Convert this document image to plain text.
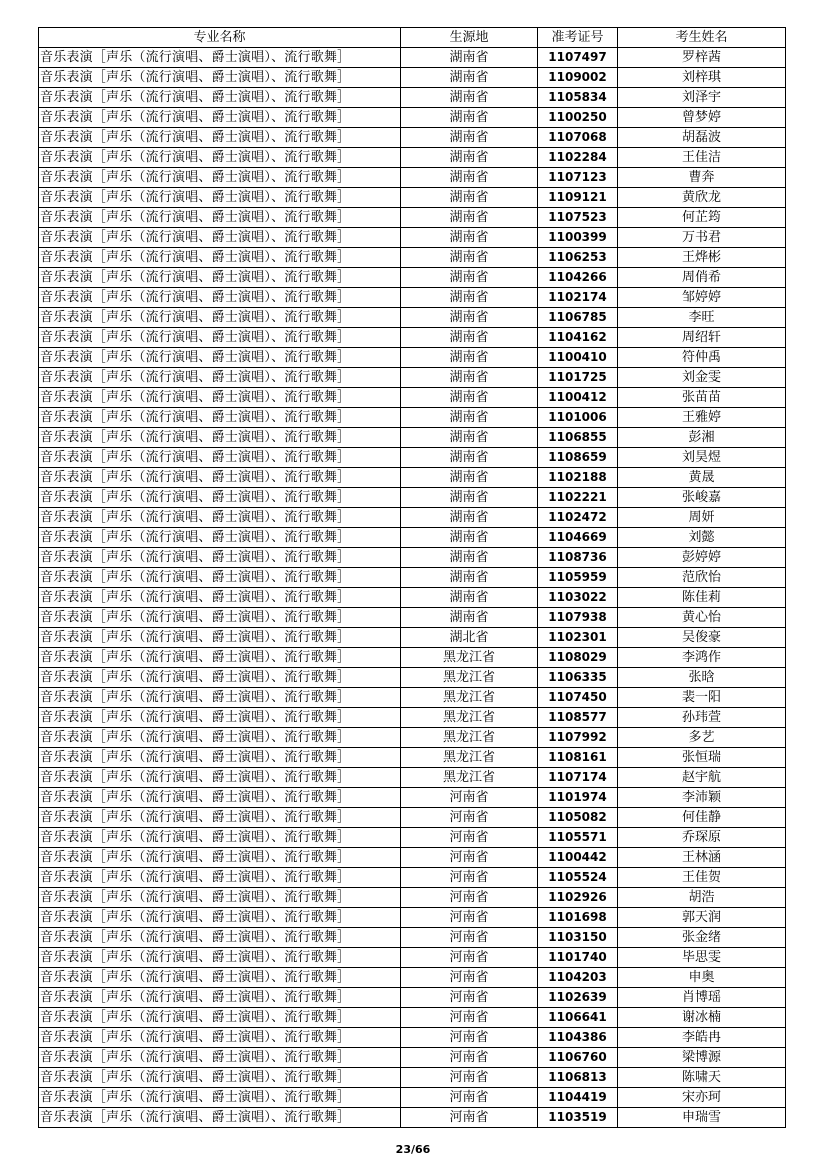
专业名称	生源地	准考证号	考生姓名
音乐表演［声乐（流行演唱、爵士演唱）、流行歌舞］	湖南省	1107497	罗梓茜
音乐表演［声乐（流行演唱、爵士演唱）、流行歌舞］	湖南省	1109002	刘梓琪
音乐表演［声乐（流行演唱、爵士演唱）、流行歌舞］	湖南省	1105834	刘泽宇
音乐表演［声乐（流行演唱、爵士演唱）、流行歌舞］	湖南省	1100250	曾梦婷
音乐表演［声乐（流行演唱、爵士演唱）、流行歌舞］	湖南省	1107068	胡磊波
音乐表演［声乐（流行演唱、爵士演唱）、流行歌舞］	湖南省	1102284	王佳洁
音乐表演［声乐（流行演唱、爵士演唱）、流行歌舞］	湖南省	1107123	曹奔
音乐表演［声乐（流行演唱、爵士演唱）、流行歌舞］	湖南省	1109121	黄欣龙
音乐表演［声乐（流行演唱、爵士演唱）、流行歌舞］	湖南省	1107523	何芷筠
音乐表演［声乐（流行演唱、爵士演唱）、流行歌舞］	湖南省	1100399	万书君
音乐表演［声乐（流行演唱、爵士演唱）、流行歌舞］	湖南省	1106253	王烨彬
音乐表演［声乐（流行演唱、爵士演唱）、流行歌舞］	湖南省	1104266	周俏希
音乐表演［声乐（流行演唱、爵士演唱）、流行歌舞］	湖南省	1102174	邹婷婷
音乐表演［声乐（流行演唱、爵士演唱）、流行歌舞］	湖南省	1106785	李旺
音乐表演［声乐（流行演唱、爵士演唱）、流行歌舞］	湖南省	1104162	周绍轩
音乐表演［声乐（流行演唱、爵士演唱）、流行歌舞］	湖南省	1100410	符仲禹
音乐表演［声乐（流行演唱、爵士演唱）、流行歌舞］	湖南省	1101725	刘金雯
音乐表演［声乐（流行演唱、爵士演唱）、流行歌舞］	湖南省	1100412	张苗苗
音乐表演［声乐（流行演唱、爵士演唱）、流行歌舞］	湖南省	1101006	王雅婷
音乐表演［声乐（流行演唱、爵士演唱）、流行歌舞］	湖南省	1106855	彭湘
音乐表演［声乐（流行演唱、爵士演唱）、流行歌舞］	湖南省	1108659	刘昊煜
音乐表演［声乐（流行演唱、爵士演唱）、流行歌舞］	湖南省	1102188	黄晟
音乐表演［声乐（流行演唱、爵士演唱）、流行歌舞］	湖南省	1102221	张峻嘉
音乐表演［声乐（流行演唱、爵士演唱）、流行歌舞］	湖南省	1102472	周妍
音乐表演［声乐（流行演唱、爵士演唱）、流行歌舞］	湖南省	1104669	刘懿
音乐表演［声乐（流行演唱、爵士演唱）、流行歌舞］	湖南省	1108736	彭婷婷
音乐表演［声乐（流行演唱、爵士演唱）、流行歌舞］	湖南省	1105959	范欣怡
音乐表演［声乐（流行演唱、爵士演唱）、流行歌舞］	湖南省	1103022	陈佳莉
音乐表演［声乐（流行演唱、爵士演唱）、流行歌舞］	湖南省	1107938	黄心怡
音乐表演［声乐（流行演唱、爵士演唱）、流行歌舞］	湖北省	1102301	吴俊豪
音乐表演［声乐（流行演唱、爵士演唱）、流行歌舞］	黑龙江省	1108029	李鸿作
音乐表演［声乐（流行演唱、爵士演唱）、流行歌舞］	黑龙江省	1106335	张晗
音乐表演［声乐（流行演唱、爵士演唱）、流行歌舞］	黑龙江省	1107450	裴一阳
音乐表演［声乐（流行演唱、爵士演唱）、流行歌舞］	黑龙江省	1108577	孙玮萱
音乐表演［声乐（流行演唱、爵士演唱）、流行歌舞］	黑龙江省	1107992	多艺
音乐表演［声乐（流行演唱、爵士演唱）、流行歌舞］	黑龙江省	1108161	张恒瑞
音乐表演［声乐（流行演唱、爵士演唱）、流行歌舞］	黑龙江省	1107174	赵宇航
音乐表演［声乐（流行演唱、爵士演唱）、流行歌舞］	河南省	1101974	李沛颖
音乐表演［声乐（流行演唱、爵士演唱）、流行歌舞］	河南省	1105082	何佳静
音乐表演［声乐（流行演唱、爵士演唱）、流行歌舞］	河南省	1105571	乔琛原
音乐表演［声乐（流行演唱、爵士演唱）、流行歌舞］	河南省	1100442	王林涵
音乐表演［声乐（流行演唱、爵士演唱）、流行歌舞］	河南省	1105524	王佳贺
音乐表演［声乐（流行演唱、爵士演唱）、流行歌舞］	河南省	1102926	胡浩
音乐表演［声乐（流行演唱、爵士演唱）、流行歌舞］	河南省	1101698	郭天润
音乐表演［声乐（流行演唱、爵士演唱）、流行歌舞］	河南省	1103150	张金绪
音乐表演［声乐（流行演唱、爵士演唱）、流行歌舞］	河南省	1101740	毕思雯
音乐表演［声乐（流行演唱、爵士演唱）、流行歌舞］	河南省	1104203	申奥
音乐表演［声乐（流行演唱、爵士演唱）、流行歌舞］	河南省	1102639	肖博瑶
音乐表演［声乐（流行演唱、爵士演唱）、流行歌舞］	河南省	1106641	谢冰楠
音乐表演［声乐（流行演唱、爵士演唱）、流行歌舞］	河南省	1104386	李皓冉
音乐表演［声乐（流行演唱、爵士演唱）、流行歌舞］	河南省	1106760	梁博源
音乐表演［声乐（流行演唱、爵士演唱）、流行歌舞］	河南省	1106813	陈啸天
音乐表演［声乐（流行演唱、爵士演唱）、流行歌舞］	河南省	1104419	宋亦珂
音乐表演［声乐（流行演唱、爵士演唱）、流行歌舞］	河南省	1103519	申瑞雪
23/66
